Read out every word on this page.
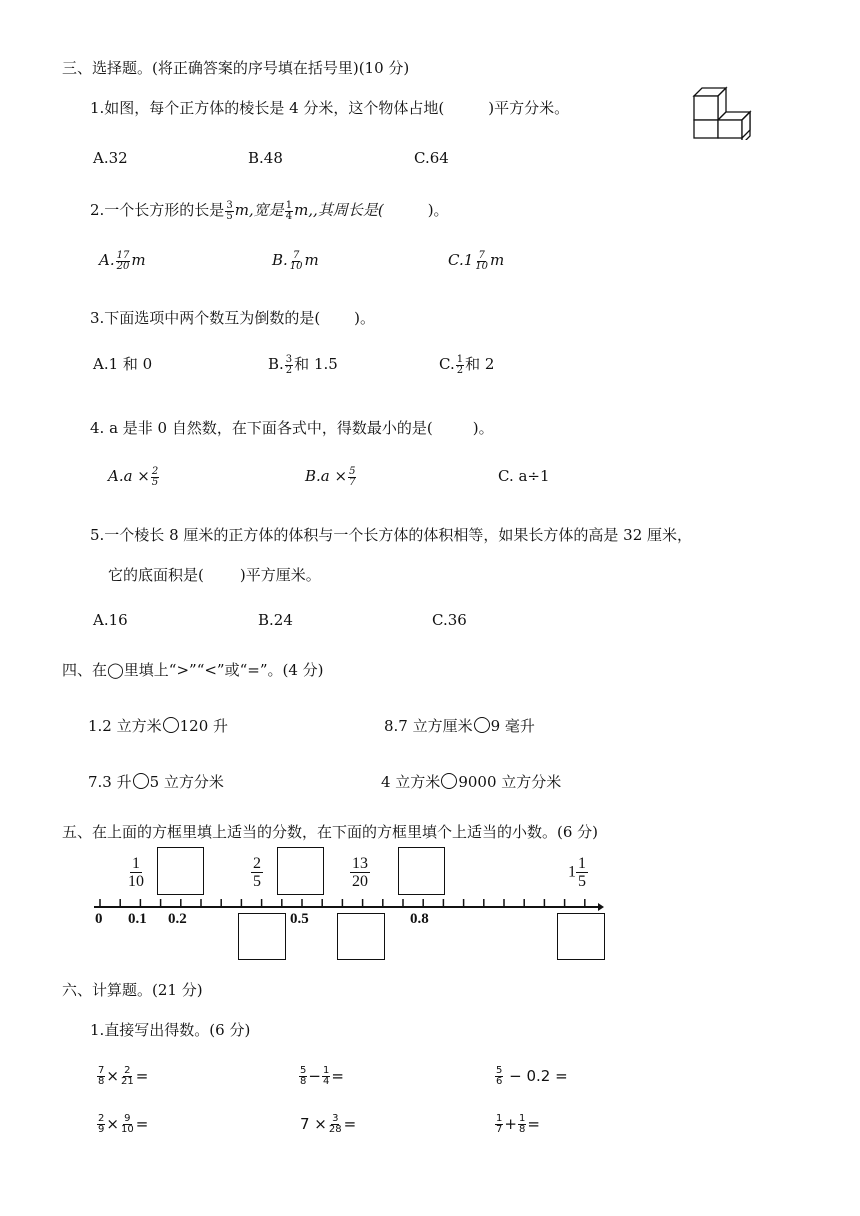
三、选择题。(将正确答案的序号填在括号里)(10 分)
1.如图，每个正方体的棱长是 4 分米，这个物体占地(	)平方分米。
A.32	B.48	C.64
2.一个长方形的长是 $\frac{3}{5} m$,宽是 $\frac{1}{4} m$,,其周长是(	)。
A. $\frac{17}{20}$ m	B. $\frac{7}{10}$ m	$C.1 \frac{7}{10}$ m
3.下面选项中两个数互为倒数的是( )。
A.1 和 0	B. $\frac{3}{2}$ 和 1.5	C. $\frac{1}{2}$ 和 2
4. a 是非 0 自然数，在下面各式中，得数最小的是(	)。
$A.a \times \frac{2}{5}$	$B.a \times \frac{5}{7}$	C. a÷1
5.一个棱长 8 厘米的正方体的体积与一个长方体的体积相等，如果长方体的高是 32 厘米，
它的底面积是( )平方厘米。
A.16	B.24	C.36
四、在◯里填上“>”“<”或“=”。(4 分)
1.2 立方米 120 升	8.7 立方厘米 9 毫升
7.3 升 5 立方分米	4 立方米 9000 立方分米
五、在上面的方框里填上适当的分数，在下面的方框里填个上适当的小数。(6 分)
$\frac{1}{10}$	$\frac{2}{5}$	$\frac{13}{20}$	$1 \frac{1}{5}$
0 0.1 0.2	0.5	0.8
六、计算题。(21 分)
1.直接写出得数。(6 分)
$\frac{7}{8} \times \frac{2}{21}$ =	$\frac{5}{8} - \frac{1}{4}$ =	$\frac{5}{6} - 0.2$ =
$\frac{2}{9} \times \frac{9}{10}$ =	$7 \times \frac{3}{28}$ =	$\frac{1}{7} + \frac{1}{8}$ =
